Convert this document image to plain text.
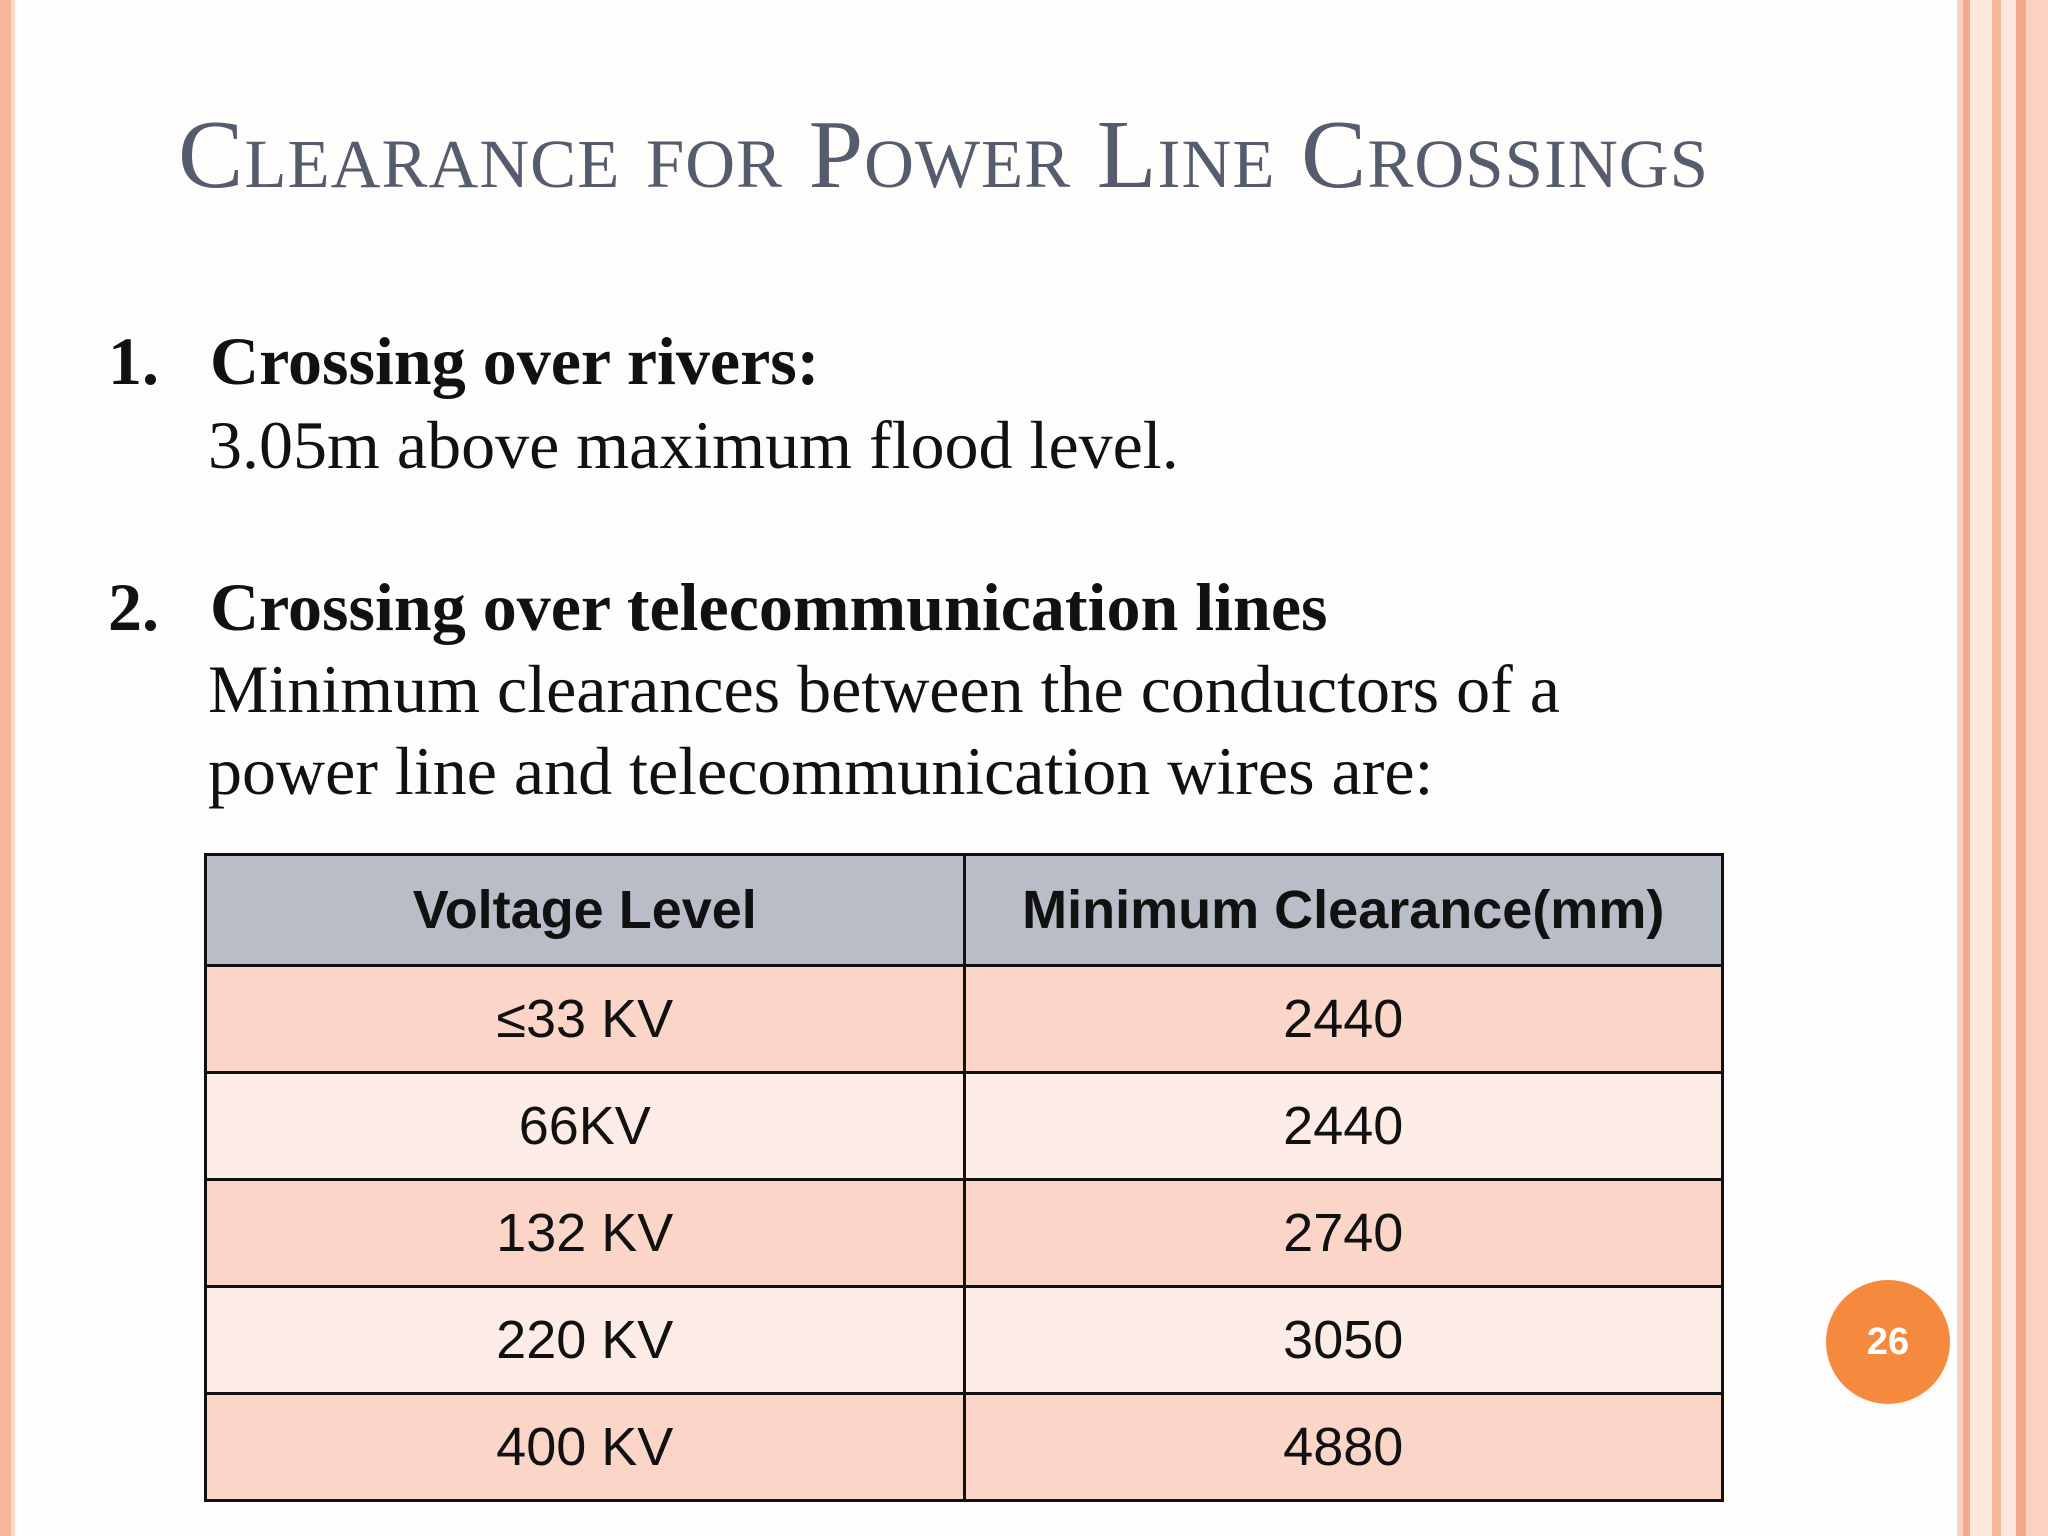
Clearance for Power Line Crossings
1. Crossing over rivers:
3.05m above maximum flood level.
2. Crossing over telecommunication lines
Minimum clearances between the conductors of a
power line and telecommunication wires are:
Voltage Level	Minimum Clearance(mm)
≤33 KV	2440
66KV	2440
132 KV	2740
220 KV	3050
400 KV	4880
26
